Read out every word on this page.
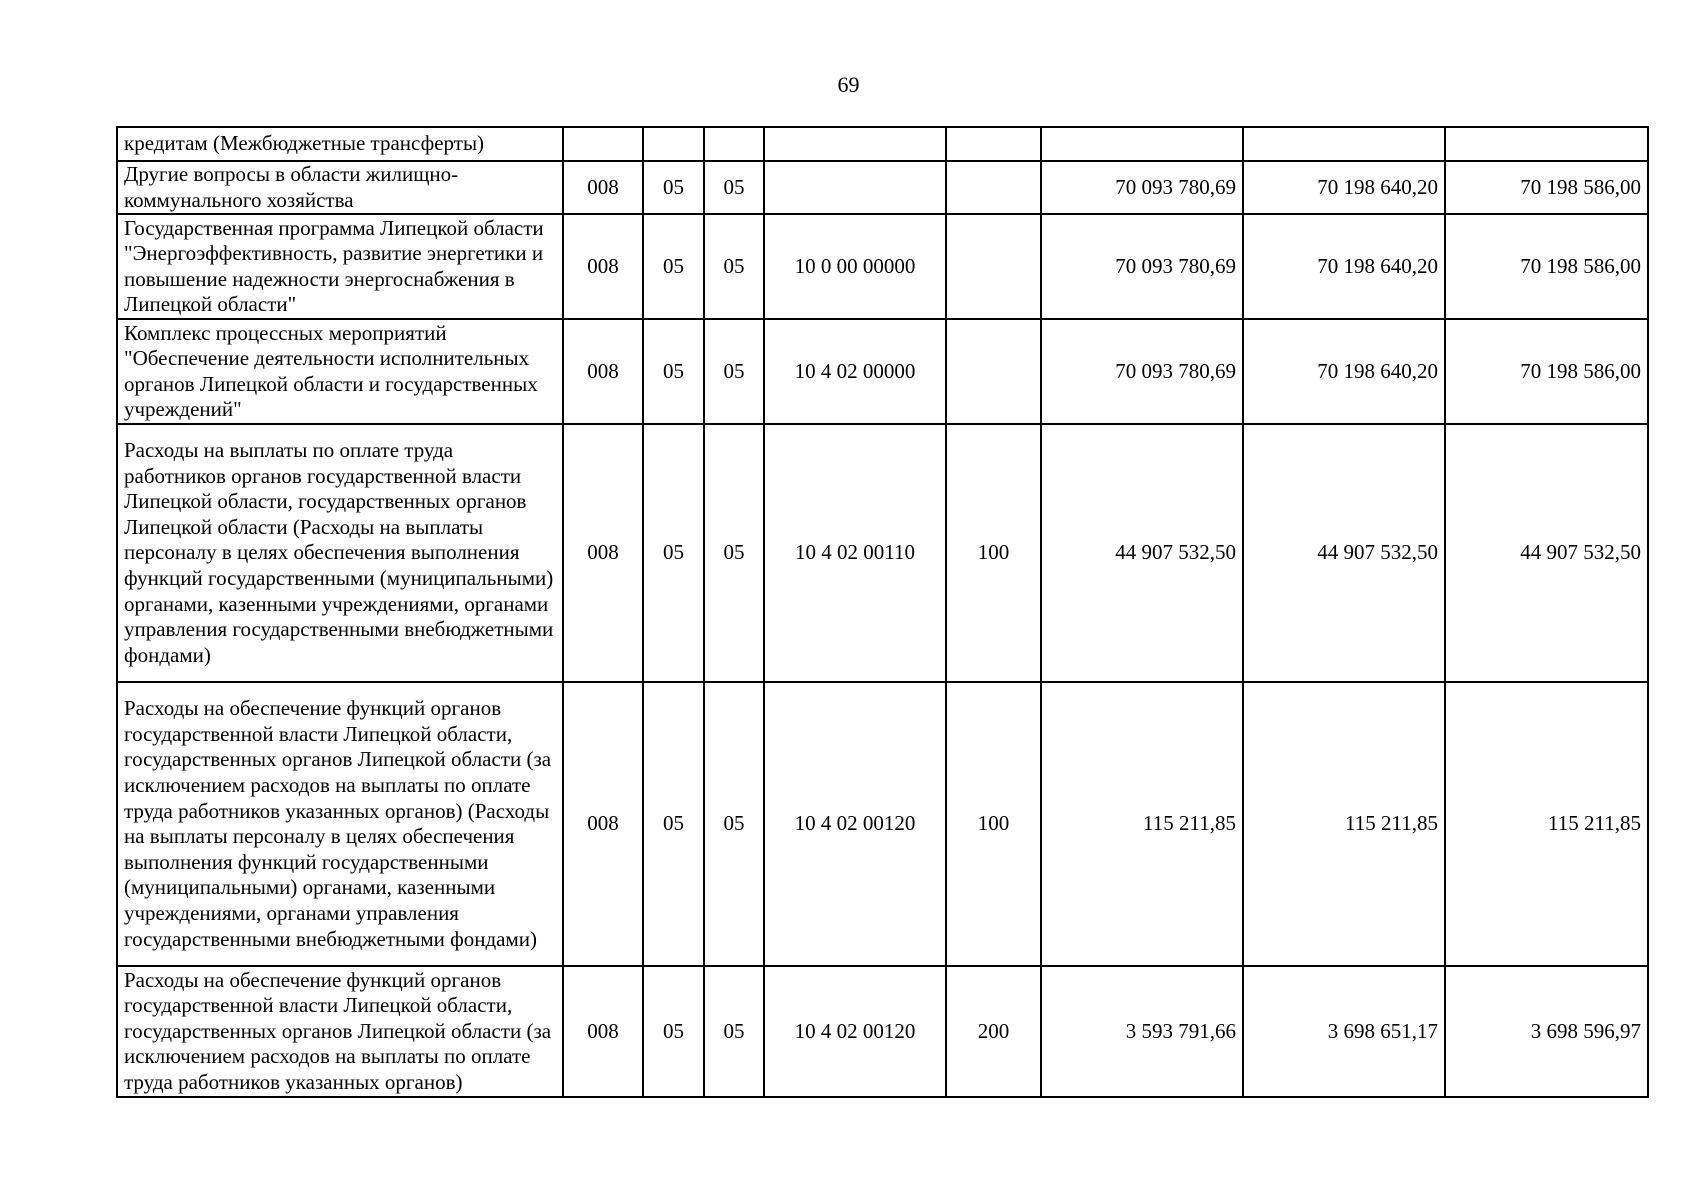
69
кредитам (Межбюджетные трансферты)								
Другие вопросы в области жилищно-коммунального хозяйства	008	05	05			70 093 780,69	70 198 640,20	70 198 586,00
Государственная программа Липецкой области "Энергоэффективность, развитие энергетики и повышение надежности энергоснабжения в Липецкой области"	008	05	05	10 0 00 00000		70 093 780,69	70 198 640,20	70 198 586,00
Комплекс процессных мероприятий "Обеспечение деятельности исполнительных органов Липецкой области и государственных учреждений"	008	05	05	10 4 02 00000		70 093 780,69	70 198 640,20	70 198 586,00
Расходы на выплаты по оплате труда работников органов государственной власти Липецкой области, государственных органов Липецкой области (Расходы на выплаты персоналу в целях обеспечения выполнения функций государственными (муниципальными) органами, казенными учреждениями, органами управления государственными внебюджетными фондами)	008	05	05	10 4 02 00110	100	44 907 532,50	44 907 532,50	44 907 532,50
Расходы на обеспечение функций органов государственной власти Липецкой области, государственных органов Липецкой области (за исключением расходов на выплаты по оплате труда работников указанных органов) (Расходы на выплаты персоналу в целях обеспечения выполнения функций государственными (муниципальными) органами, казенными учреждениями, органами управления государственными внебюджетными фондами)	008	05	05	10 4 02 00120	100	115 211,85	115 211,85	115 211,85
Расходы на обеспечение функций органов государственной власти Липецкой области, государственных органов Липецкой области (за исключением расходов на выплаты по оплате труда работников указанных органов)	008	05	05	10 4 02 00120	200	3 593 791,66	3 698 651,17	3 698 596,97
